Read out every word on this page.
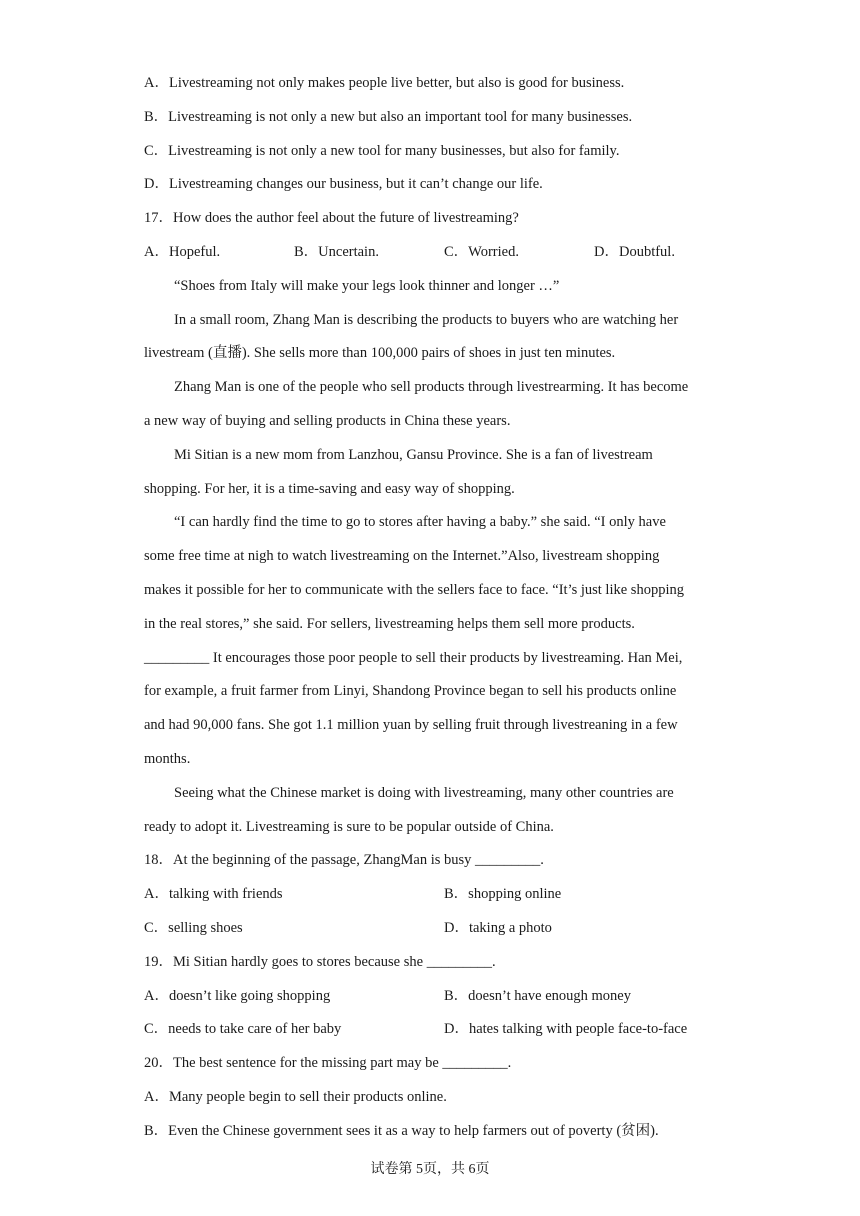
A．Livestreaming not only makes people live better, but also is good for business.
B．Livestreaming is not only a new but also an important tool for many businesses.
C．Livestreaming is not only a new tool for many businesses, but also for family.
D．Livestreaming changes our business, but it can’t change our life.
17．How does the author feel about the future of livestreaming?
A．Hopeful.	B．Uncertain.	C．Worried.	D．Doubtful.
“Shoes from Italy will make your legs look thinner and longer …”
In a small room, Zhang Man is describing the products to buyers who are watching her
livestream (直播). She sells more than 100,000 pairs of shoes in just ten minutes.
Zhang Man is one of the people who sell products through livestrearming. It has become
a new way of buying and selling products in China these years.
Mi Sitian is a new mom from Lanzhou, Gansu Province. She is a fan of livestream
shopping. For her, it is a time-saving and easy way of shopping.
“I can hardly find the time to go to stores after having a baby.” she said. “I only have
some free time at nigh to watch livestreaming on the Internet.”Also, livestream shopping
makes it possible for her to communicate with the sellers face to face. “It’s just like shopping
in the real stores,” she said. For sellers, livestreaming helps them sell more products.
_________ It encourages those poor people to sell their products by livestreaming. Han Mei,
for example, a fruit farmer from Linyi, Shandong Province began to sell his products online
and had 90,000 fans. She got 1.1 million yuan by selling fruit through livestreaning in a few
months.
Seeing what the Chinese market is doing with livestreaming, many other countries are
ready to adopt it. Livestreaming is sure to be popular outside of China.
18．At the beginning of the passage, ZhangMan is busy _________.
A．talking with friends	B．shopping online
C．selling shoes	D．taking a photo
19．Mi Sitian hardly goes to stores because she _________.
A．doesn’t like going shopping	B．doesn’t have enough money
C．needs to take care of her baby	D．hates talking with people face-to-face
20．The best sentence for the missing part may be _________.
A．Many people begin to sell their products online.
B．Even the Chinese government sees it as a way to help farmers out of poverty (贫困).
试卷第 5页，共 6页
